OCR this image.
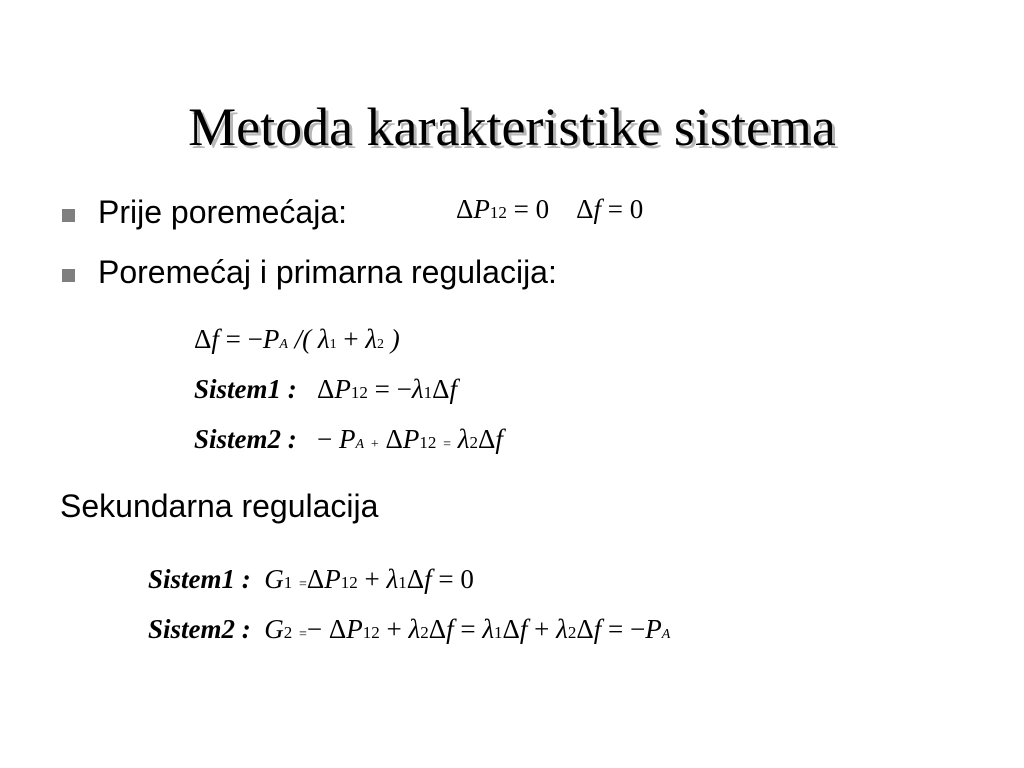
Metoda karakteristike sistema
Prije poremećaja:	ΔP12 = 0    Δf = 0
Poremećaj i primarna regulacija:
Δf = −PA /( λ1 + λ2 )
Sistem1 :   ΔP12 = −λ1Δf
Sistem2 :   − PA + ΔP12 = λ2Δf
Sekundarna regulacija
Sistem1 : G1 =ΔP12 + λ1Δf = 0
Sistem2 : G2 =− ΔP12 + λ2Δf = λ1Δf + λ2Δf = −PA
